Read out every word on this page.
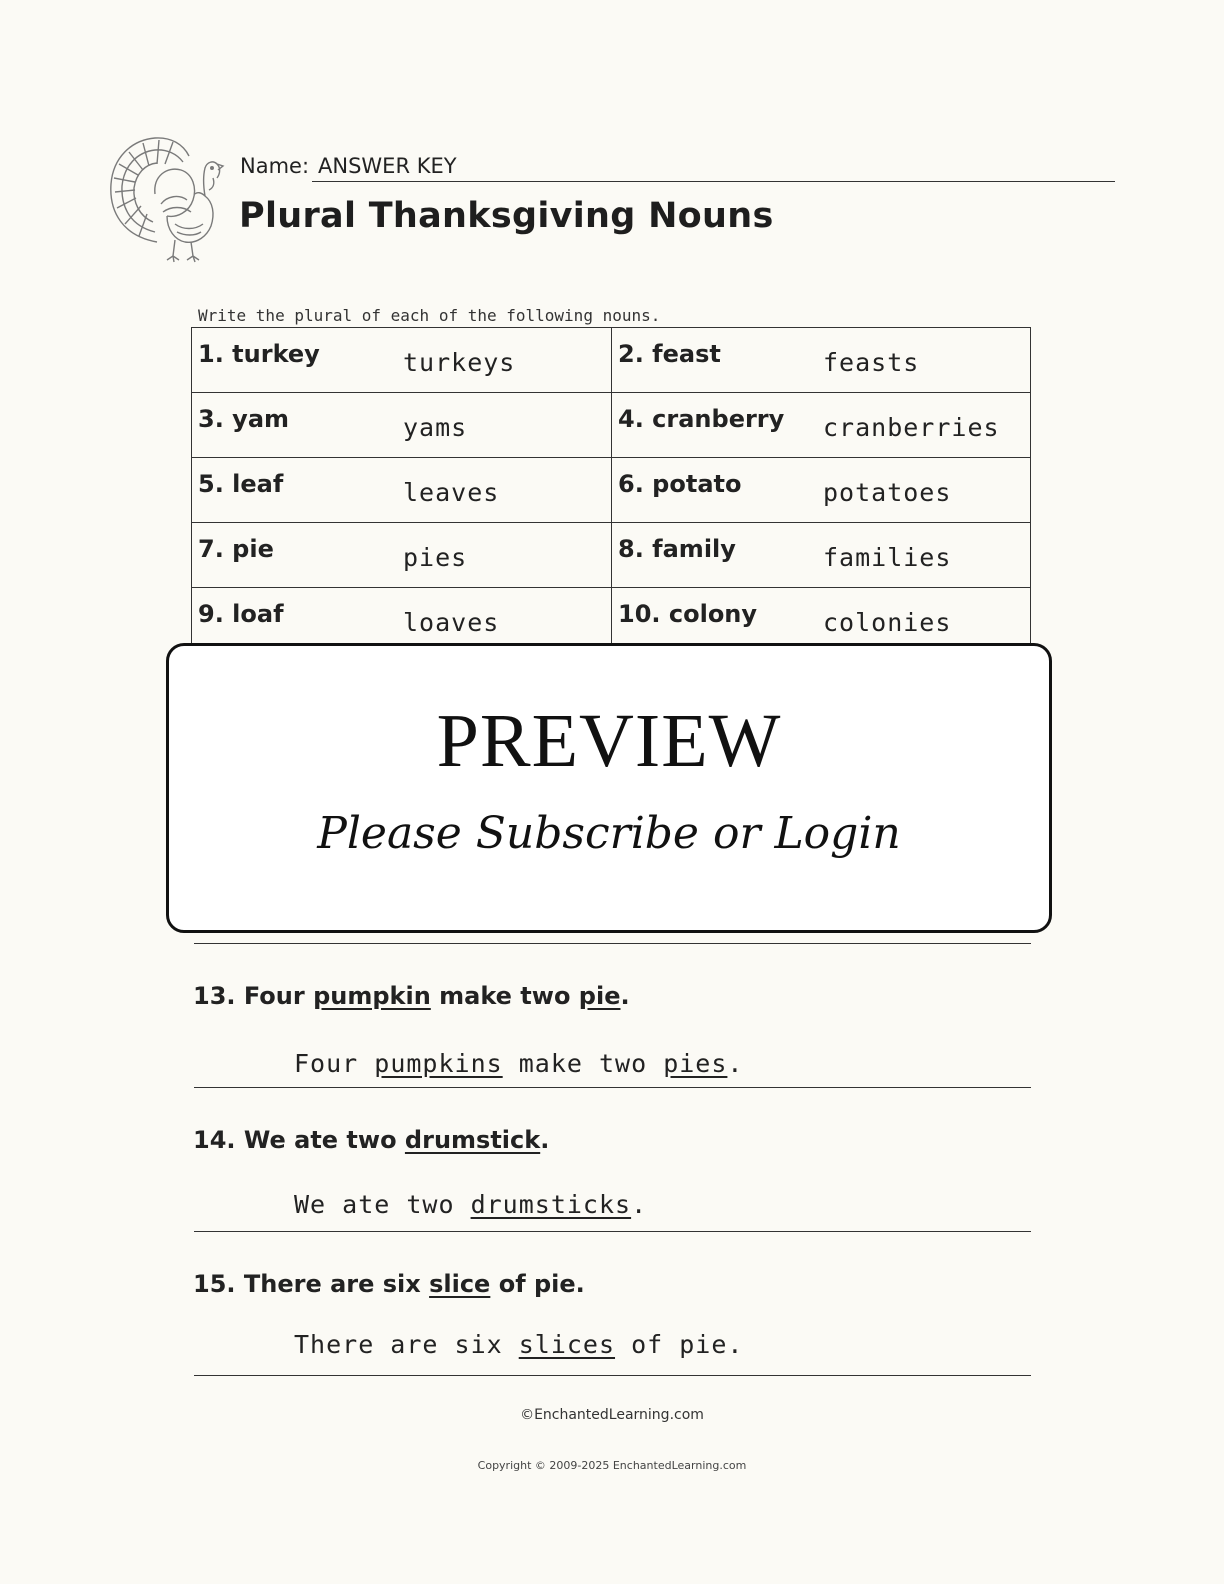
Name: ANSWER KEY
Plural Thanksgiving Nouns
Write the plural of each of the following nouns.
1. turkey turkeys	2. feast feasts

3. yam yams	4. cranberry cranberries

5. leaf leaves	6. potato potatoes

7. pie pies	8. family families

9. loaf loaves	10. colony colonies
PREVIEW
Please Subscribe or Login
13. Four pumpkin make two pie.
Four pumpkins make two pies.
14. We ate two drumstick.
We ate two drumsticks.
15. There are six slice of pie.
There are six slices of pie.
©EnchantedLearning.com
Copyright © 2009-2025 EnchantedLearning.com
